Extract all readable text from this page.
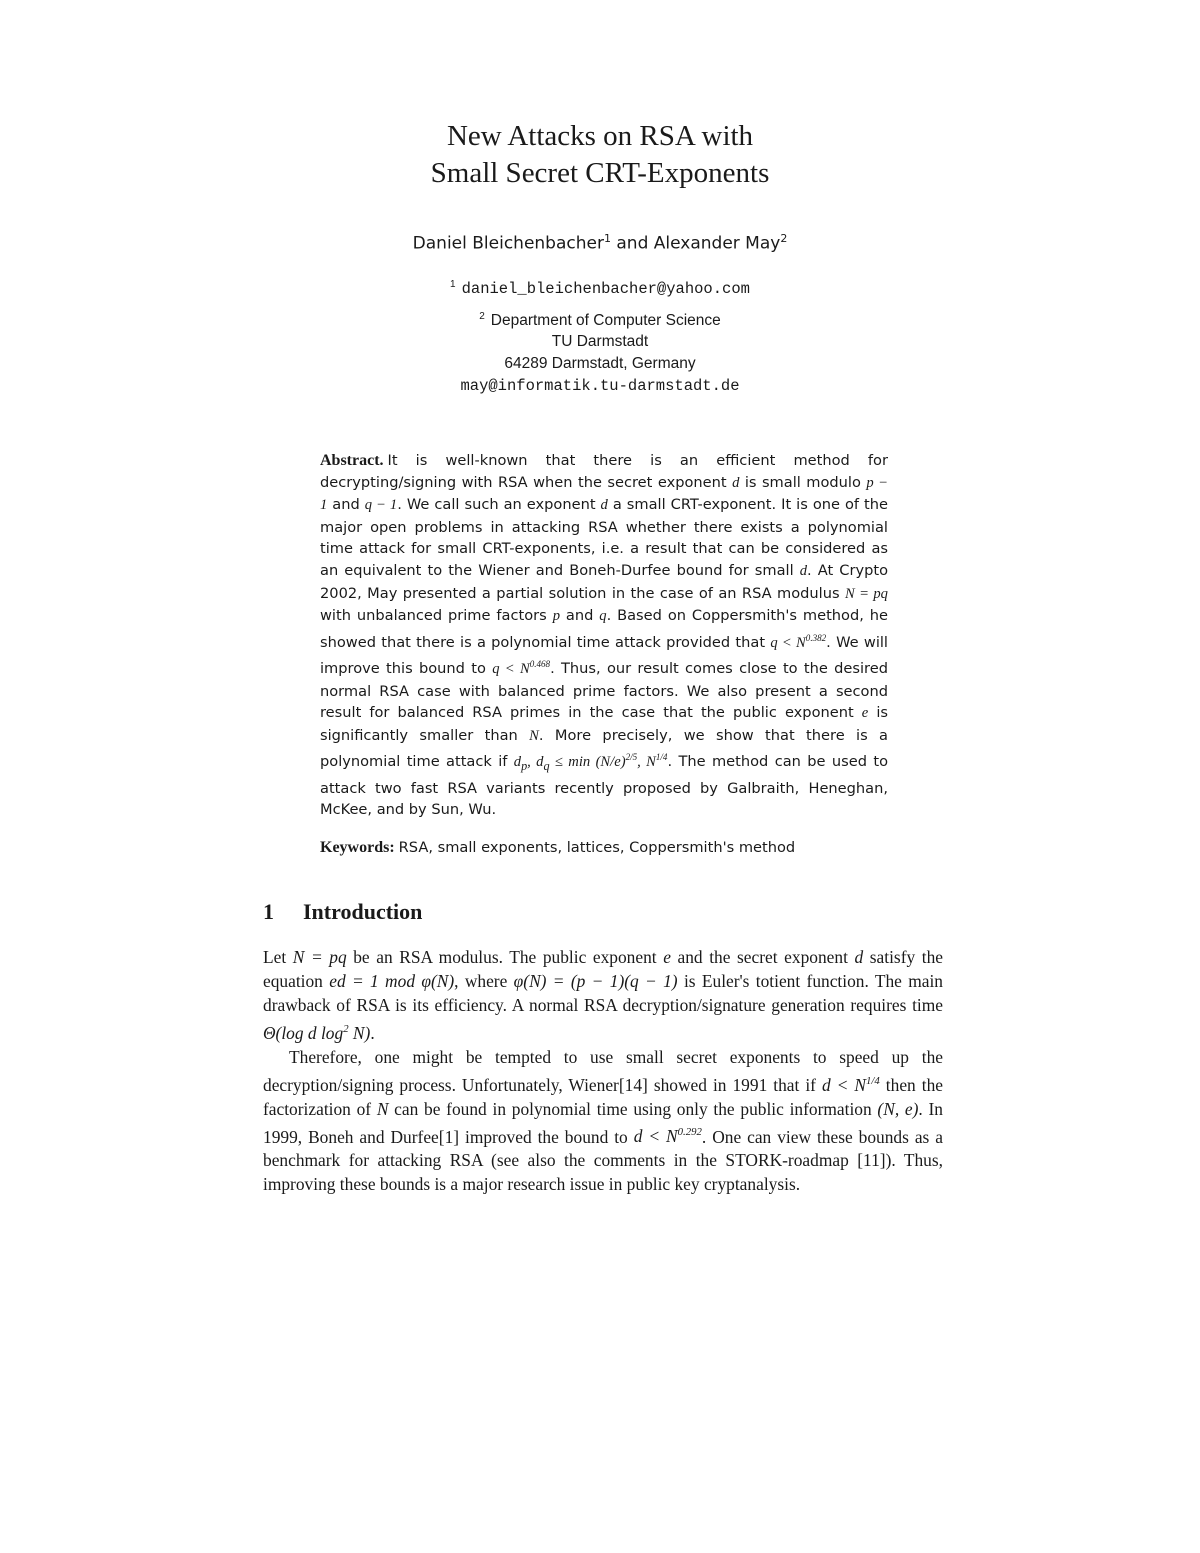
New Attacks on RSA with
Small Secret CRT-Exponents
Daniel Bleichenbacher$^1$ and Alexander May$^2$
$^1$ daniel_bleichenbacher@yahoo.com
$^2$ Department of Computer Science
TU Darmstadt
64289 Darmstadt, Germany
may@informatik.tu-darmstadt.de
Abstract. It is well-known that there is an efficient method for decrypting/signing with RSA when the secret exponent d is small modulo p − 1 and q − 1. We call such an exponent d a small CRT-exponent. It is one of the major open problems in attacking RSA whether there exists a polynomial time attack for small CRT-exponents, i.e. a result that can be considered as an equivalent to the Wiener and Boneh-Durfee bound for small d. At Crypto 2002, May presented a partial solution in the case of an RSA modulus N = pq with unbalanced prime factors p and q. Based on Coppersmith's method, he showed that there is a polynomial time attack provided that $q < N^{0.382}$. We will improve this bound to $q < N^{0.468}$. Thus, our result comes close to the desired normal RSA case with balanced prime factors. We also present a second result for balanced RSA primes in the case that the public exponent e is significantly smaller than N. More precisely, we show that there is a polynomial time attack if $d_p$, $d_q \le \min (N/e)^{2/5}$, $N^{1/4}$. The method can be used to attack two fast RSA variants recently proposed by Galbraith, Heneghan, McKee, and by Sun, Wu.
Keywords: RSA, small exponents, lattices, Coppersmith's method
1 Introduction

Let N = pq be an RSA modulus. The public exponent e and the secret exponent d satisfy the equation ed = 1 mod φ(N), where φ(N) = (p − 1)(q − 1) is Euler's totient function. The main drawback of RSA is its efficiency. A normal RSA decryption/signature generation requires time Θ(log d $\log^2 N$).

Therefore, one might be tempted to use small secret exponents to speed up the decryption/signing process. Unfortunately, Wiener[14] showed in 1991 that if $d < N^{1/4}$ then the factorization of N can be found in polynomial time using only the public information (N, e). In 1999, Boneh and Durfee[1] improved the bound to $d < N^{0.292}$. One can view these bounds as a benchmark for attacking RSA (see also the comments in the STORK-roadmap [11]). Thus, improving these bounds is a major research issue in public key cryptanalysis.
